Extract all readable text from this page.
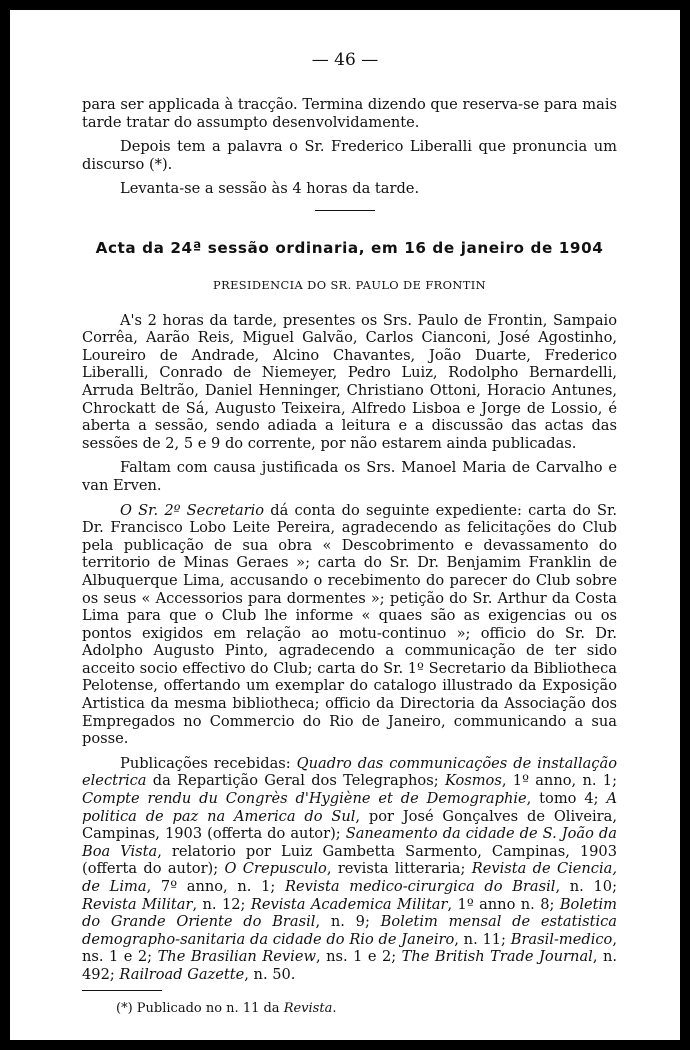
— 46 —

para ser applicada à tracção. Termina dizendo que reserva-se para mais tarde tratar do assumpto desenvolvidamente.

Depois tem a palavra o Sr. Frederico Liberalli que pronuncia um discurso (*).

Levanta-se a sessão às 4 horas da tarde.

Acta da 24ª sessão ordinaria, em 16 de janeiro de 1904

PRESIDENCIA DO SR. PAULO DE FRONTIN

A's 2 horas da tarde, presentes os Srs. Paulo de Frontin, Sampaio Corrêa, Aarão Reis, Miguel Galvão, Carlos Cianconi, José Agostinho, Loureiro de Andrade, Alcino Chavantes, João Duarte, Frederico Liberalli, Conrado de Niemeyer, Pedro Luiz, Rodolpho Bernardelli, Arruda Beltrão, Daniel Henninger, Christiano Ottoni, Horacio Antunes, Chrockatt de Sá, Augusto Teixeira, Alfredo Lisboa e Jorge de Lossio, é aberta a sessão, sendo adiada a leitura e a discussão das actas das sessões de 2, 5 e 9 do corrente, por não estarem ainda publicadas.

Faltam com causa justificada os Srs. Manoel Maria de Carvalho e van Erven.

O Sr. 2º Secretario dá conta do seguinte expediente: carta do Sr. Dr. Francisco Lobo Leite Pereira, agradecendo as felicitações do Club pela publicação de sua obra « Descobrimento e devassamento do territorio de Minas Geraes »; carta do Sr. Dr. Benjamim Franklin de Albuquerque Lima, accusando o recebimento do parecer do Club sobre os seus « Accessorios para dormentes »; petição do Sr. Arthur da Costa Lima para que o Club lhe informe « quaes são as exigencias ou os pontos exigidos em relação ao motu-continuo »; officio do Sr. Dr. Adolpho Augusto Pinto, agradecendo a communicação de ter sido acceito socio effectivo do Club; carta do Sr. 1º Secretario da Bibliotheca Pelotense, offertando um exemplar do catalogo illustrado da Exposição Artistica da mesma bibliotheca; officio da Directoria da Associação dos Empregados no Commercio do Rio de Janeiro, communicando a sua posse.

Publicações recebidas: Quadro das communicações de installação electrica da Repartição Geral dos Telegraphos; Kosmos, 1º anno, n. 1; Compte rendu du Congrès d'Hygiène et de Demographie, tomo 4; A politica de paz na America do Sul, por José Gonçalves de Oliveira, Campinas, 1903 (offerta do autor); Saneamento da cidade de S. João da Boa Vista, relatorio por Luiz Gambetta Sarmento, Campinas, 1903 (offerta do autor); O Crepusculo, revista litteraria; Revista de Ciencia, de Lima, 7º anno, n. 1; Revista medico-cirurgica do Brasil, n. 10; Revista Militar, n. 12; Revista Academica Militar, 1º anno n. 8; Boletim do Grande Oriente do Brasil, n. 9; Boletim mensal de estatistica demographo-sanitaria da cidade do Rio de Janeiro, n. 11; Brasil-medico, ns. 1 e 2; The Brasilian Review, ns. 1 e 2; The British Trade Journal, n. 492; Railroad Gazette, n. 50.

(*) Publicado no n. 11 da Revista.
